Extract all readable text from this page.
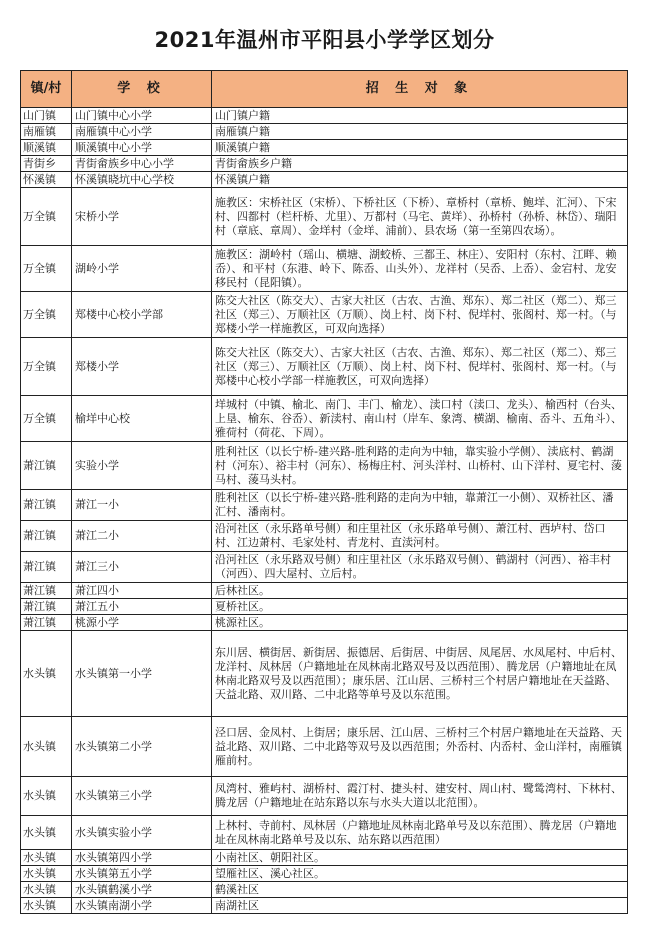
2021年温州市平阳县小学学区划分
镇/村	学 校	招 生 对 象
山门镇	山门镇中心小学	山门镇户籍
南雁镇	南雁镇中心小学	南雁镇户籍
顺溪镇	顺溪镇中心小学	顺溪镇户籍
青街乡	青街畲族乡中心小学	青街畲族乡户籍
怀溪镇	怀溪镇晓坑中心学校	怀溪镇户籍
万全镇	宋桥小学	施教区：宋桥社区（宋桥）、下桥社区（下桥）、章桥村（章桥、鲍垟、汇河）、下宋村、四都村（栏杆桥、尤里）、万都村（马宅、黄垟）、孙桥村（孙桥、林岱）、瑞阳村（章底、章周）、金垟村（金垟、浦前）、县农场（第一至第四农场）。
万全镇	湖岭小学	施教区：湖岭村（瑶山、横塘、湖蛟桥、三都王、林庄）、安阳村（东村、江畔、赖岙）、和平村（东港、岭下、陈岙、山头外）、龙祥村（吴岙、上岙）、金宕村、龙安移民村（昆阳镇）。
万全镇	郑楼中心校小学部	陈交大社区（陈交大）、古家大社区（古农、古渔、郑东）、郑二社区（郑二）、郑三社区（郑三）、万顺社区（万顺）、岗上村、岗下村、倪垟村、张阁村、郑一村。（与郑楼小学一样施教区，可双向选择）
万全镇	郑楼小学	陈交大社区（陈交大）、古家大社区（古农、古渔、郑东）、郑二社区（郑二）、郑三社区（郑三）、万顺社区（万顺）、岗上村、岗下村、倪垟村、张阁村、郑一村。（与郑楼中心校小学部一样施教区，可双向选择）
万全镇	榆垟中心校	垟城村（中镇、榆北、南门、丰门、榆龙）、渎口村（渎口、龙头）、榆西村（台头、上垦、榆东、谷岙）、新渎村、南山村（岸车、象湾、横湖、榆南、岙斗、五角斗）、雅荷村（荷花、下周）。
萧江镇	实验小学	胜利社区（以长宁桥-建兴路-胜利路的走向为中轴，靠实验小学侧）、渎底村、鹤湖村（河东）、裕丰村（河东）、杨梅庄村、河头洋村、山桥村、山下洋村、夏宅村、蔆马村、蔆马头村。
萧江镇	萧江一小	胜利社区（以长宁桥-建兴路-胜利路的走向为中轴，靠萧江一小侧）、双桥社区、潘汇村、潘南村。
萧江镇	萧江二小	沿河社区（永乐路单号侧）和庄里社区（永乐路单号侧）、萧江村、西垆村、岱口村、江边萧村、毛家处村、青龙村、直渎河村。
萧江镇	萧江三小	沿河社区（永乐路双号侧）和庄里社区（永乐路双号侧）、鹤湖村（河西）、裕丰村（河西）、四大屋村、立后村。
萧江镇	萧江四小	后林社区。
萧江镇	萧江五小	夏桥社区。
萧江镇	桃源小学	桃源社区。
水头镇	水头镇第一小学	东川居、横街居、新街居、振德居、后街居、中街居、凤尾居、水凤尾村、中后村、龙洋村、凤林居（户籍地址在凤林南北路双号及以西范围）、腾龙居（户籍地址在凤林南北路双号及以西范围）；康乐居、江山居、三桥村三个村居户籍地址在天益路、天益北路、双川路、二中北路等单号及以东范围。
水头镇	水头镇第二小学	泾口居、金凤村、上街居；康乐居、江山居、三桥村三个村居户籍地址在天益路、天益北路、双川路、二中北路等双号及以西范围；外岙村、内岙村、金山洋村，南雁镇雁前村。
水头镇	水头镇第三小学	凤湾村、雅屿村、湖桥村、霞汀村、捷头村、建安村、周山村、鹭鸶湾村、下林村、腾龙居（户籍地址在站东路以东与水头大道以北范围）。
水头镇	水头镇实验小学	上林村、寺前村、凤林居（户籍地址凤林南北路单号及以东范围）、腾龙居（户籍地址在凤林南北路单号及以东、站东路以西范围）
水头镇	水头镇第四小学	小南社区、朝阳社区。
水头镇	水头镇第五小学	望雁社区、溪心社区。
水头镇	水头镇鹤溪小学	鹤溪社区
水头镇	水头镇南湖小学	南湖社区
